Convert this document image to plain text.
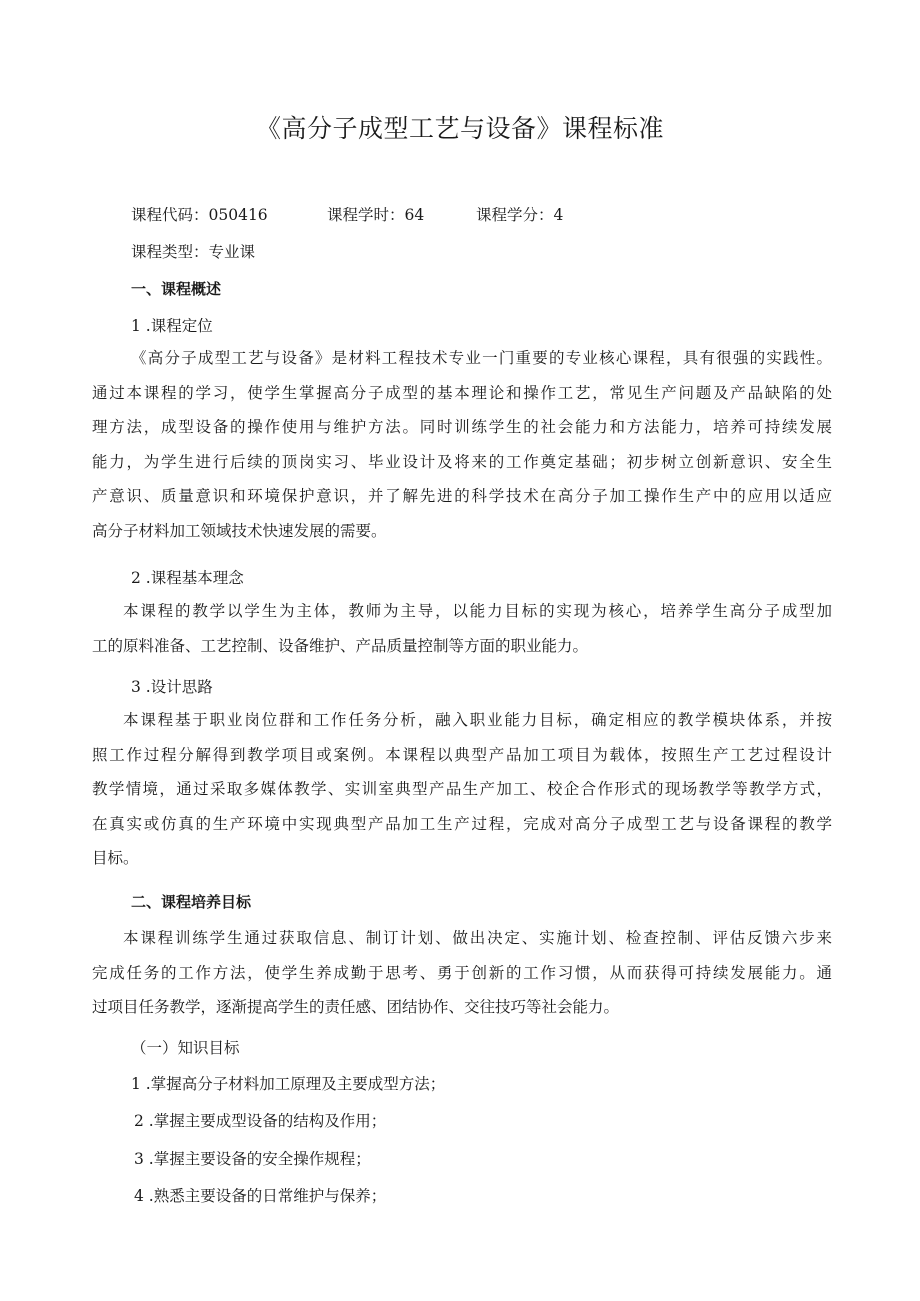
《高分子成型工艺与设备》课程标准
课程代码：050416	课程学时：64	课程学分：4
课程类型：专业课
一、课程概述
1 .课程定位
《高分子成型工艺与设备》是材料工程技术专业一门重要的专业核心课程，具有很强的实践性。
通过本课程的学习，使学生掌握高分子成型的基本理论和操作工艺，常见生产问题及产品缺陷的处
理方法，成型设备的操作使用与维护方法。同时训练学生的社会能力和方法能力，培养可持续发展
能力，为学生进行后续的顶岗实习、毕业设计及将来的工作奠定基础；初步树立创新意识、安全生
产意识、质量意识和环境保护意识，并了解先进的科学技术在高分子加工操作生产中的应用以适应
高分子材料加工领域技术快速发展的需要。
2 .课程基本理念
本课程的教学以学生为主体，教师为主导，以能力目标的实现为核心，培养学生高分子成型加
工的原料准备、工艺控制、设备维护、产品质量控制等方面的职业能力。
3 .设计思路
本课程基于职业岗位群和工作任务分析，融入职业能力目标，确定相应的教学模块体系，并按
照工作过程分解得到教学项目或案例。本课程以典型产品加工项目为载体，按照生产工艺过程设计
教学情境，通过采取多媒体教学、实训室典型产品生产加工、校企合作形式的现场教学等教学方式，
在真实或仿真的生产环境中实现典型产品加工生产过程，完成对高分子成型工艺与设备课程的教学
目标。
二、课程培养目标
本课程训练学生通过获取信息、制订计划、做出决定、实施计划、检查控制、评估反馈六步来
完成任务的工作方法，使学生养成勤于思考、勇于创新的工作习惯，从而获得可持续发展能力。通
过项目任务教学，逐渐提高学生的责任感、团结协作、交往技巧等社会能力。
（一）知识目标
1 .掌握高分子材料加工原理及主要成型方法；
2 .掌握主要成型设备的结构及作用；
3 .掌握主要设备的安全操作规程；
4 .熟悉主要设备的日常维护与保养；
